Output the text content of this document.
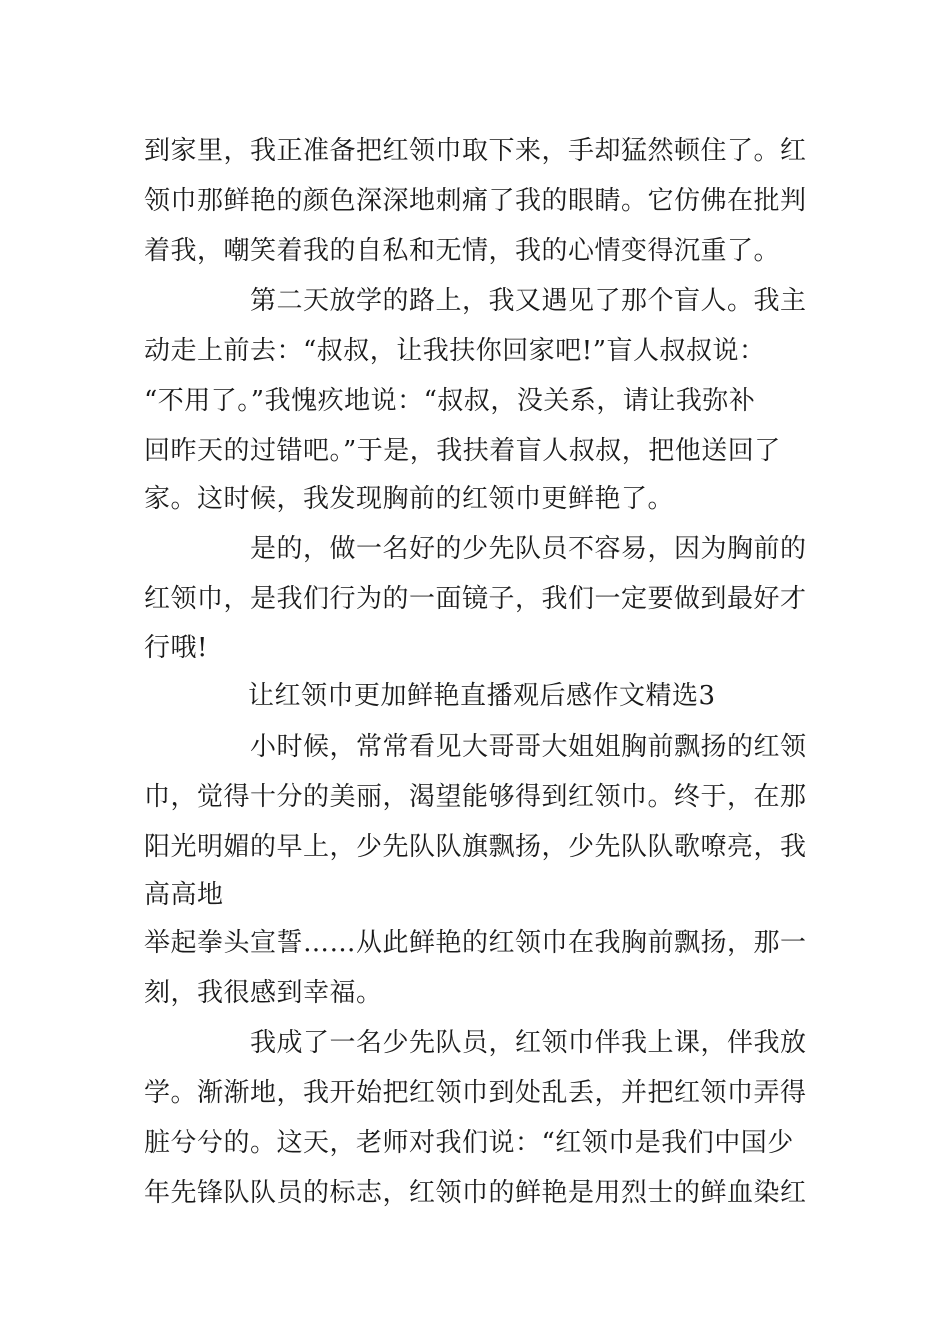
到家里，我正准备把红领巾取下来，手却猛然顿住了。红
领巾那鲜艳的颜色深深地刺痛了我的眼睛。它仿佛在批判
着我，嘲笑着我的自私和无情，我的心情变得沉重了。
第二天放学的路上，我又遇见了那个盲人。我主
动走上前去：“叔叔，让我扶你回家吧!”盲人叔叔说：
“不用了。”我愧疚地说：“叔叔，没关系，请让我弥补
回昨天的过错吧。”于是，我扶着盲人叔叔，把他送回了
家。这时候，我发现胸前的红领巾更鲜艳了。
是的，做一名好的少先队员不容易，因为胸前的
红领巾，是我们行为的一面镜子，我们一定要做到最好才
行哦!
让红领巾更加鲜艳直播观后感作文精选3
小时候，常常看见大哥哥大姐姐胸前飘扬的红领
巾，觉得十分的美丽，渴望能够得到红领巾。终于，在那
阳光明媚的早上，少先队队旗飘扬，少先队队歌嘹亮，我
高高地
举起拳头宣誓……从此鲜艳的红领巾在我胸前飘扬，那一
刻，我很感到幸福。
我成了一名少先队员，红领巾伴我上课，伴我放
学。渐渐地，我开始把红领巾到处乱丢，并把红领巾弄得
脏兮兮的。这天，老师对我们说：“红领巾是我们中国少
年先锋队队员的标志，红领巾的鲜艳是用烈士的鲜血染红
